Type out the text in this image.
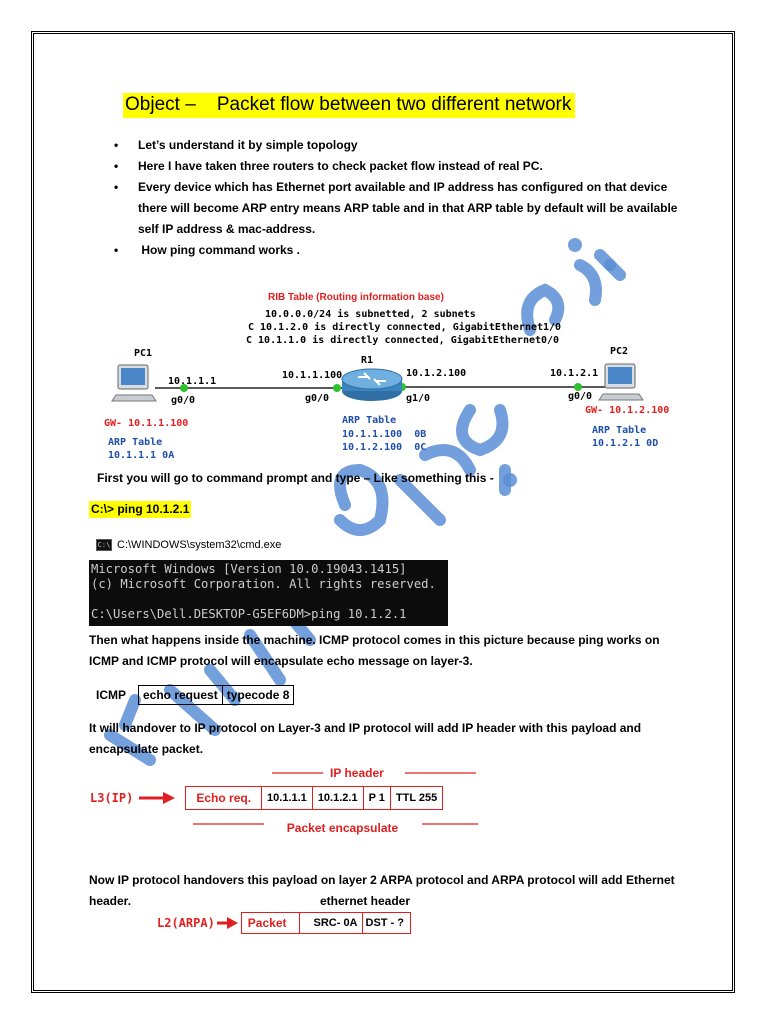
Object –    Packet flow between two different network
• Let’s understand it by simple topology
• Here I have taken three routers to check packet flow instead of real PC.
• Every device which has Ethernet port available and IP address has configured on that device there will become ARP entry means ARP table and in that ARP table by default will be available self IP address & mac-address.
•  How ping command works .
RIB Table (Routing information base)
10.0.0.0/24 is subnetted, 2 subnets
C 10.1.2.0 is directly connected, GigabitEthernet1/0
C 10.1.1.0 is directly connected, GigabitEthernet0/0
PC1
10.1.1.1
g0/0
GW- 10.1.1.100
ARP Table
10.1.1.1 0A
R1
10.1.1.100
g0/0
10.1.2.100
g1/0
ARP Table
10.1.1.100  0B
10.1.2.100  0C
PC2
10.1.2.1
g0/0
GW- 10.1.2.100
ARP Table
10.1.2.1 0D
First you will go to command prompt and type – Like something this -
C:\> ping 10.1.2.1
C:\ C:\WINDOWS\system32\cmd.exe
Microsoft Windows [Version 10.0.19043.1415]
(c) Microsoft Corporation. All rights reserved.
C:\Users\Dell.DESKTOP-G5EF6DM>ping 10.1.2.1
Then what happens inside the machine. ICMP protocol comes in this picture because ping works on ICMP and ICMP protocol will encapsulate echo message on layer-3.
ICMP echo request	typecode 8
It will handover to IP protocol on Layer-3 and IP protocol will add IP header with this payload and encapsulate packet.
IP header
Packet encapsulate
L3(IP)	Echo req.	10.1.1.1	10.1.2.1	P 1	TTL 255
Now IP protocol handovers this payload on layer 2 ARPA protocol and ARPA protocol will add Ethernet header.	ethernet header
L2(ARPA)	Packet	SRC- 0A	DST - ?
